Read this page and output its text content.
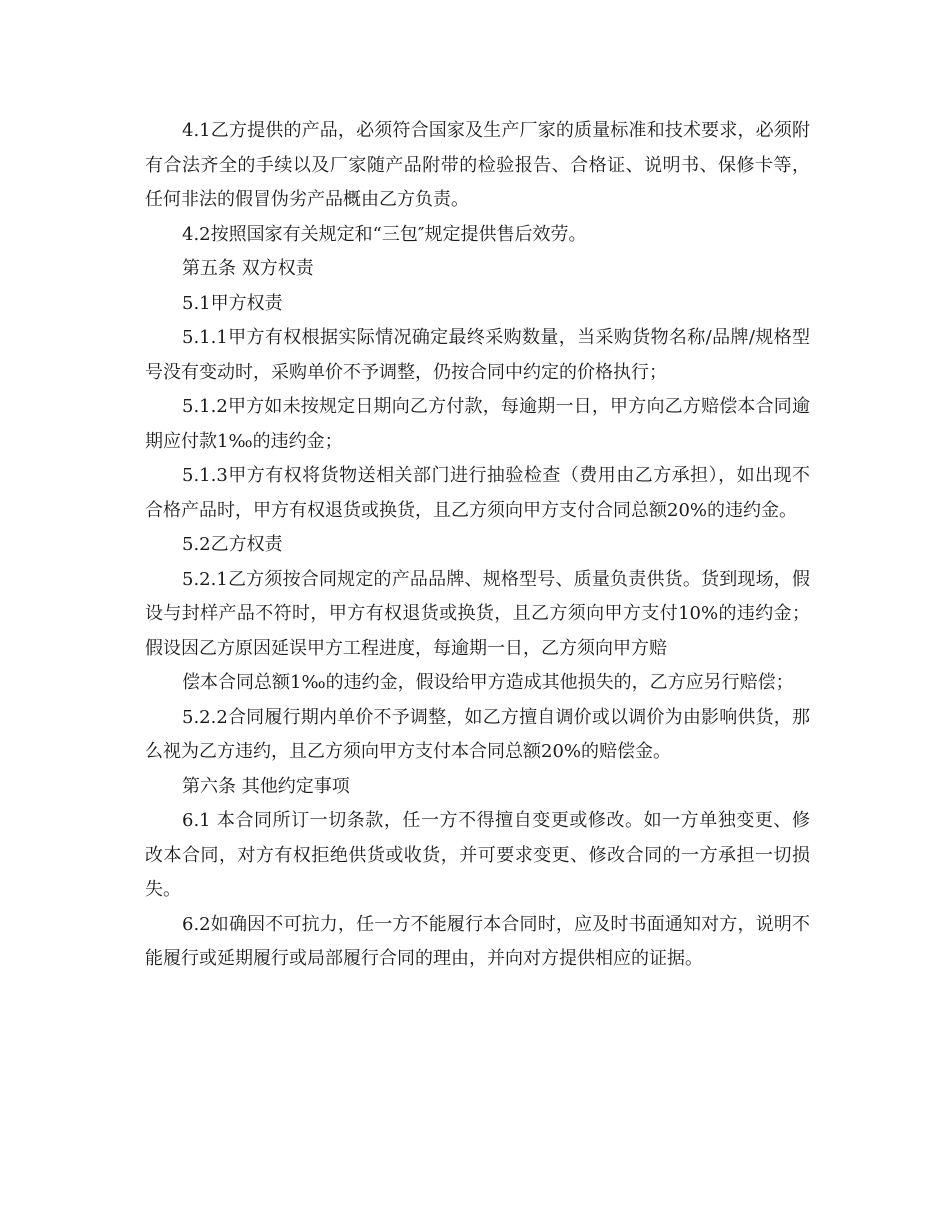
4.1乙方提供的产品，必须符合国家及生产厂家的质量标准和技术要求，必须附有合法齐全的手续以及厂家随产品附带的检验报告、合格证、说明书、保修卡等，任何非法的假冒伪劣产品概由乙方负责。

4.2按照国家有关规定和“三包″规定提供售后效劳。

第五条 双方权责

5.1甲方权责

5.1.1甲方有权根据实际情况确定最终采购数量，当采购货物名称/品牌/规格型号没有变动时，采购单价不予调整，仍按合同中约定的价格执行；

5.1.2甲方如未按规定日期向乙方付款，每逾期一日，甲方向乙方赔偿本合同逾期应付款1‰的违约金；

5.1.3甲方有权将货物送相关部门进行抽验检查（费用由乙方承担），如出现不合格产品时，甲方有权退货或换货，且乙方须向甲方支付合同总额20%的违约金。

5.2乙方权责

5.2.1乙方须按合同规定的产品品牌、规格型号、质量负责供货。货到现场，假设与封样产品不符时，甲方有权退货或换货，且乙方须向甲方支付10%的违约金；假设因乙方原因延误甲方工程进度，每逾期一日，乙方须向甲方赔

偿本合同总额1‰的违约金，假设给甲方造成其他损失的，乙方应另行赔偿；

5.2.2合同履行期内单价不予调整，如乙方擅自调价或以调价为由影响供货，那么视为乙方违约，且乙方须向甲方支付本合同总额20%的赔偿金。

第六条 其他约定事项

6.1 本合同所订一切条款，任一方不得擅自变更或修改。如一方单独变更、修改本合同，对方有权拒绝供货或收货，并可要求变更、修改合同的一方承担一切损失。

6.2如确因不可抗力，任一方不能履行本合同时，应及时书面通知对方，说明不能履行或延期履行或局部履行合同的理由，并向对方提供相应的证据。
